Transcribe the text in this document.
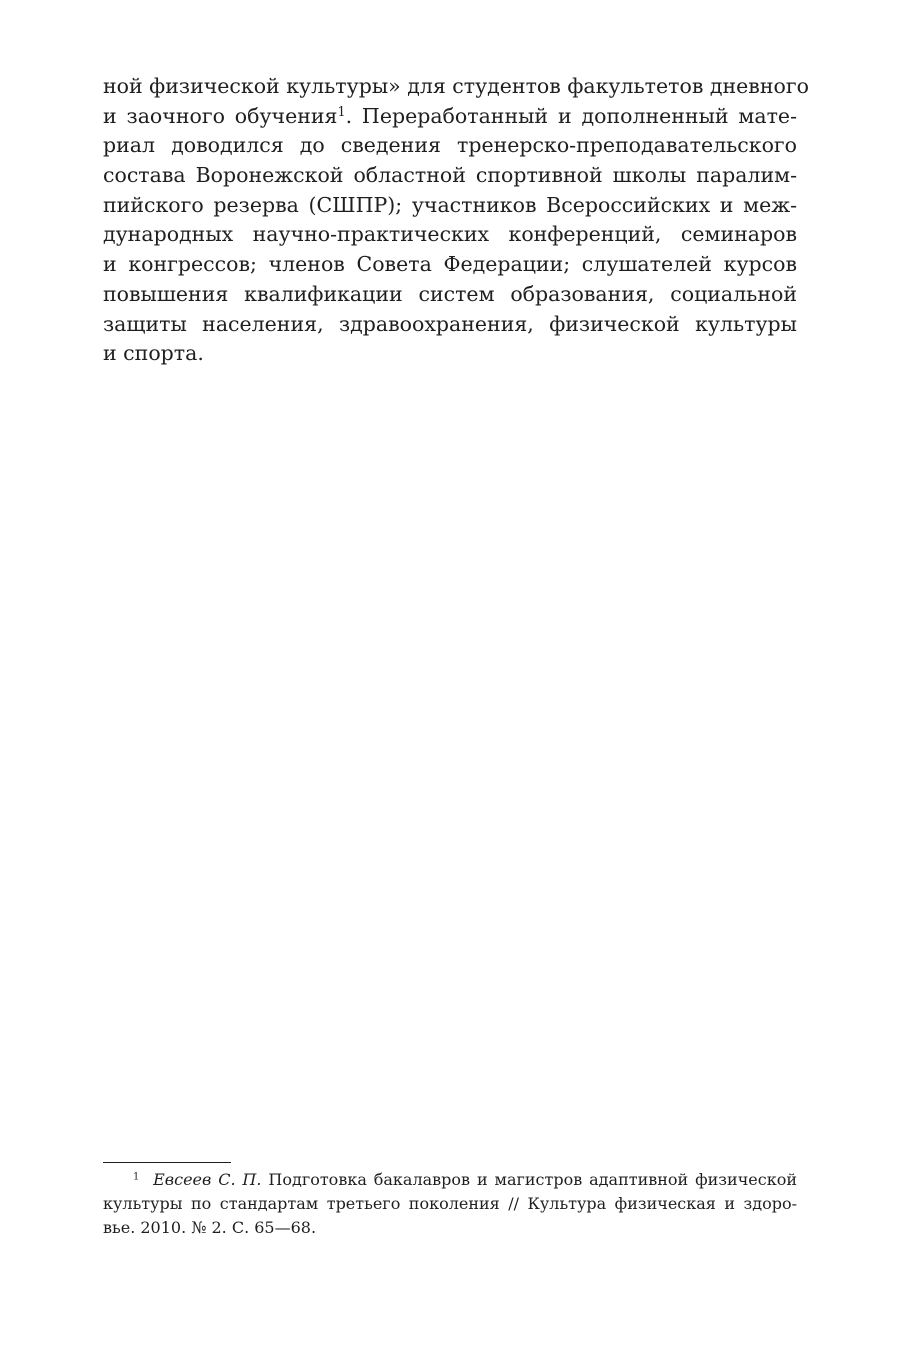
ной физической культуры» для студентов факультетов дневного
и заочного обучения$^1$. Переработанный и дополненный мате-
риал доводился до сведения тренерско-преподавательского
состава Воронежской областной спортивной школы паралим-
пийского резерва (СШПР); участников Всероссийских и меж-
дународных научно-практических конференций, семинаров
и конгрессов; членов Совета Федерации; слушателей курсов
повышения квалификации систем образования, социальной
защиты населения, здравоохранения, физической культуры
и спорта.
$^1$ Евсеев С. П. Подготовка бакалавров и магистров адаптивной физической
культуры по стандартам третьего поколения // Культура физическая и здоро-
вье. 2010. № 2. С. 65—68.
